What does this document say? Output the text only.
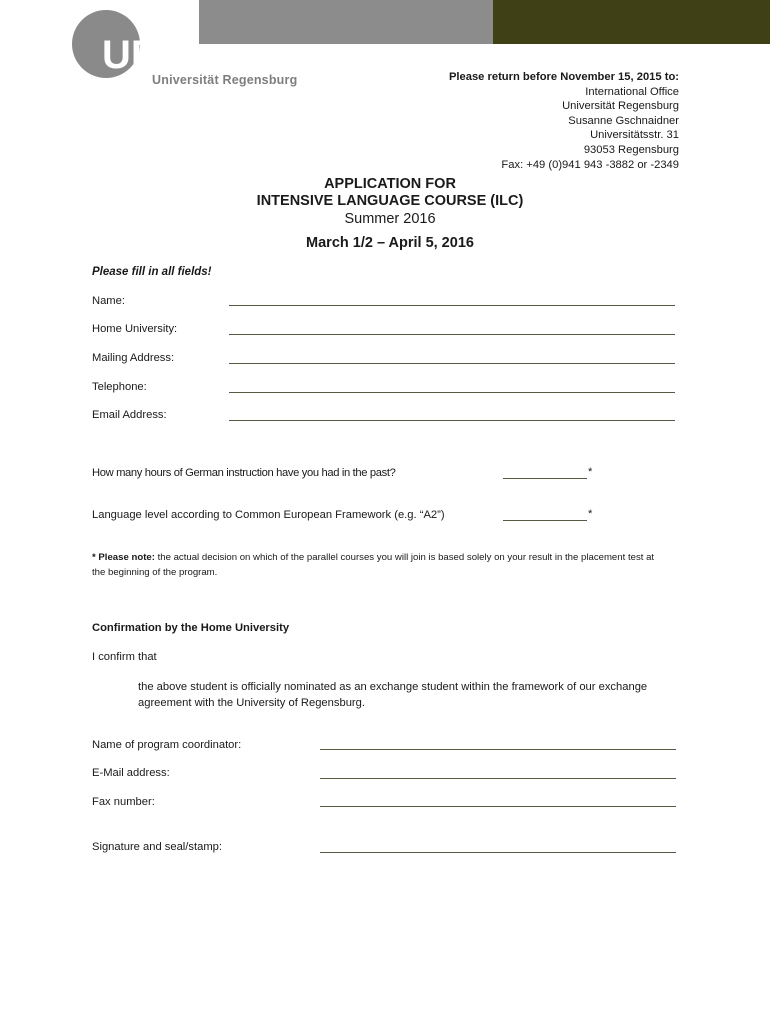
UR
Universität Regensburg	Please return before November 15, 2015 to:
International Office
Universität Regensburg
Susanne Gschnaidner
Universitätsstr. 31
93053 Regensburg
Fax: +49 (0)941 943 -3882 or -2349
APPLICATION FOR
INTENSIVE LANGUAGE COURSE (ILC)
Summer 2016
March 1/2 – April 5, 2016
Please fill in all fields!
Name:
Home University:
Mailing Address:
Telephone:
Email Address:
How many hours of German instruction have you had in the past?	*
Language level according to Common European Framework (e.g. “A2”)	*
* Please note: the actual decision on which of the parallel courses you will join is based solely on your result in the placement test at the beginning of the program.
Confirmation by the Home University
I confirm that
the above student is officially nominated as an exchange student within the framework of our exchange agreement with the University of Regensburg.
Name of program coordinator:
E-Mail address:
Fax number:
Signature and seal/stamp:
